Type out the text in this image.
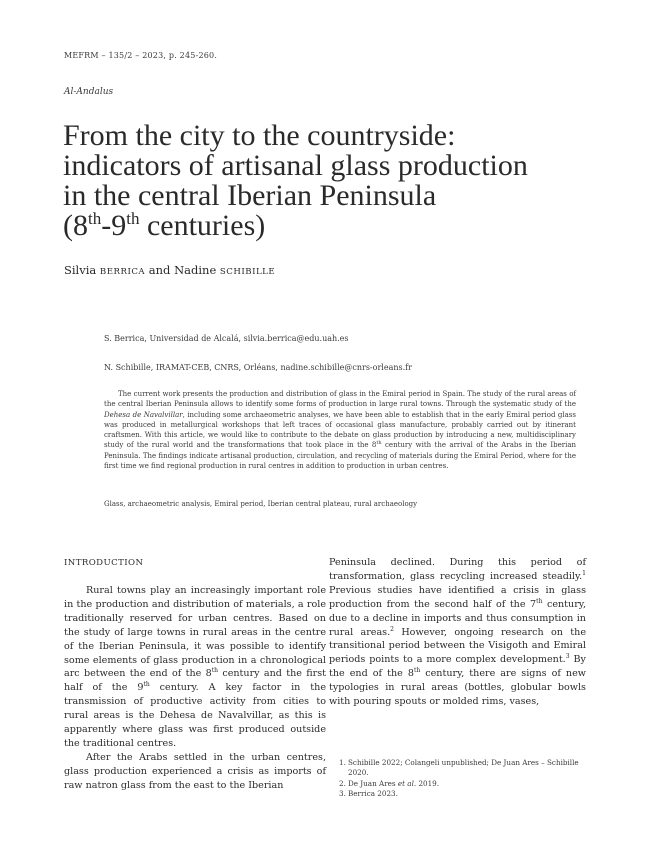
MEFRM – 135/2 – 2023, p. 245-260.
Al-Andalus
From the city to the countryside:
indicators of artisanal glass production
in the central Iberian Peninsula
(8th-9th centuries)
Silvia BERRICA and Nadine SCHIBILLE
S. Berrica, Universidad de Alcalá, silvia.berrica@edu.uah.es
N. Schibille, IRAMAT-CEB, CNRS, Orléans, nadine.schibille@cnrs-orleans.fr

The current work presents the production and distribution of glass in the Emiral period in Spain. The study of the rural areas of the central Iberian Peninsula allows to identify some forms of production in large rural towns. Through the systematic study of the Dehesa de Navalvillar, including some archaeometric analyses, we have been able to establish that in the early Emiral period glass was produced in metallurgical workshops that left traces of occasional glass manufacture, probably carried out by itinerant craftsmen. With this article, we would like to contribute to the debate on glass production by introducing a new, multidisciplinary study of the rural world and the transformations that took place in the 8th century with the arrival of the Arabs in the Iberian Peninsula. The findings indicate artisanal production, circulation, and recycling of materials during the Emiral Period, where for the first time we find regional production in rural centres in addition to production in urban centres.

Glass, archaeometric analysis, Emiral period, Iberian central plateau, rural archaeology
INTRODUCTION

Rural towns play an increasingly important role in the production and distribution of materials, a role traditionally reserved for urban centres. Based on the study of large towns in rural areas in the centre of the Iberian Peninsula, it was possible to identify some elements of glass production in a chronological arc between the end of the 8th century and the first half of the 9th century. A key factor in the transmission of productive activity from cities to rural areas is the Dehesa de Navalvillar, as this is apparently where glass was first produced outside the traditional centres.

After the Arabs settled in the urban centres, glass production experienced a crisis as imports of raw natron glass from the east to the Iberian

Peninsula declined. During this period of transformation, glass recycling increased steadily.$^1$ Previous studies have identified a crisis in glass production from the second half of the 7th century, due to a decline in imports and thus consumption in rural areas.$^2$ However, ongoing research on the transitional period between the Visigoth and Emiral periods points to a more complex development.$^3$ By the end of the 8th century, there are signs of new typologies in rural areas (bottles, globular bowls with pouring spouts or molded rims, vases,

1. Schibille 2022; Colangeli unpublished; De Juan Ares – Schibille 2020.
2. De Juan Ares et al. 2019.
3. Berrica 2023.
